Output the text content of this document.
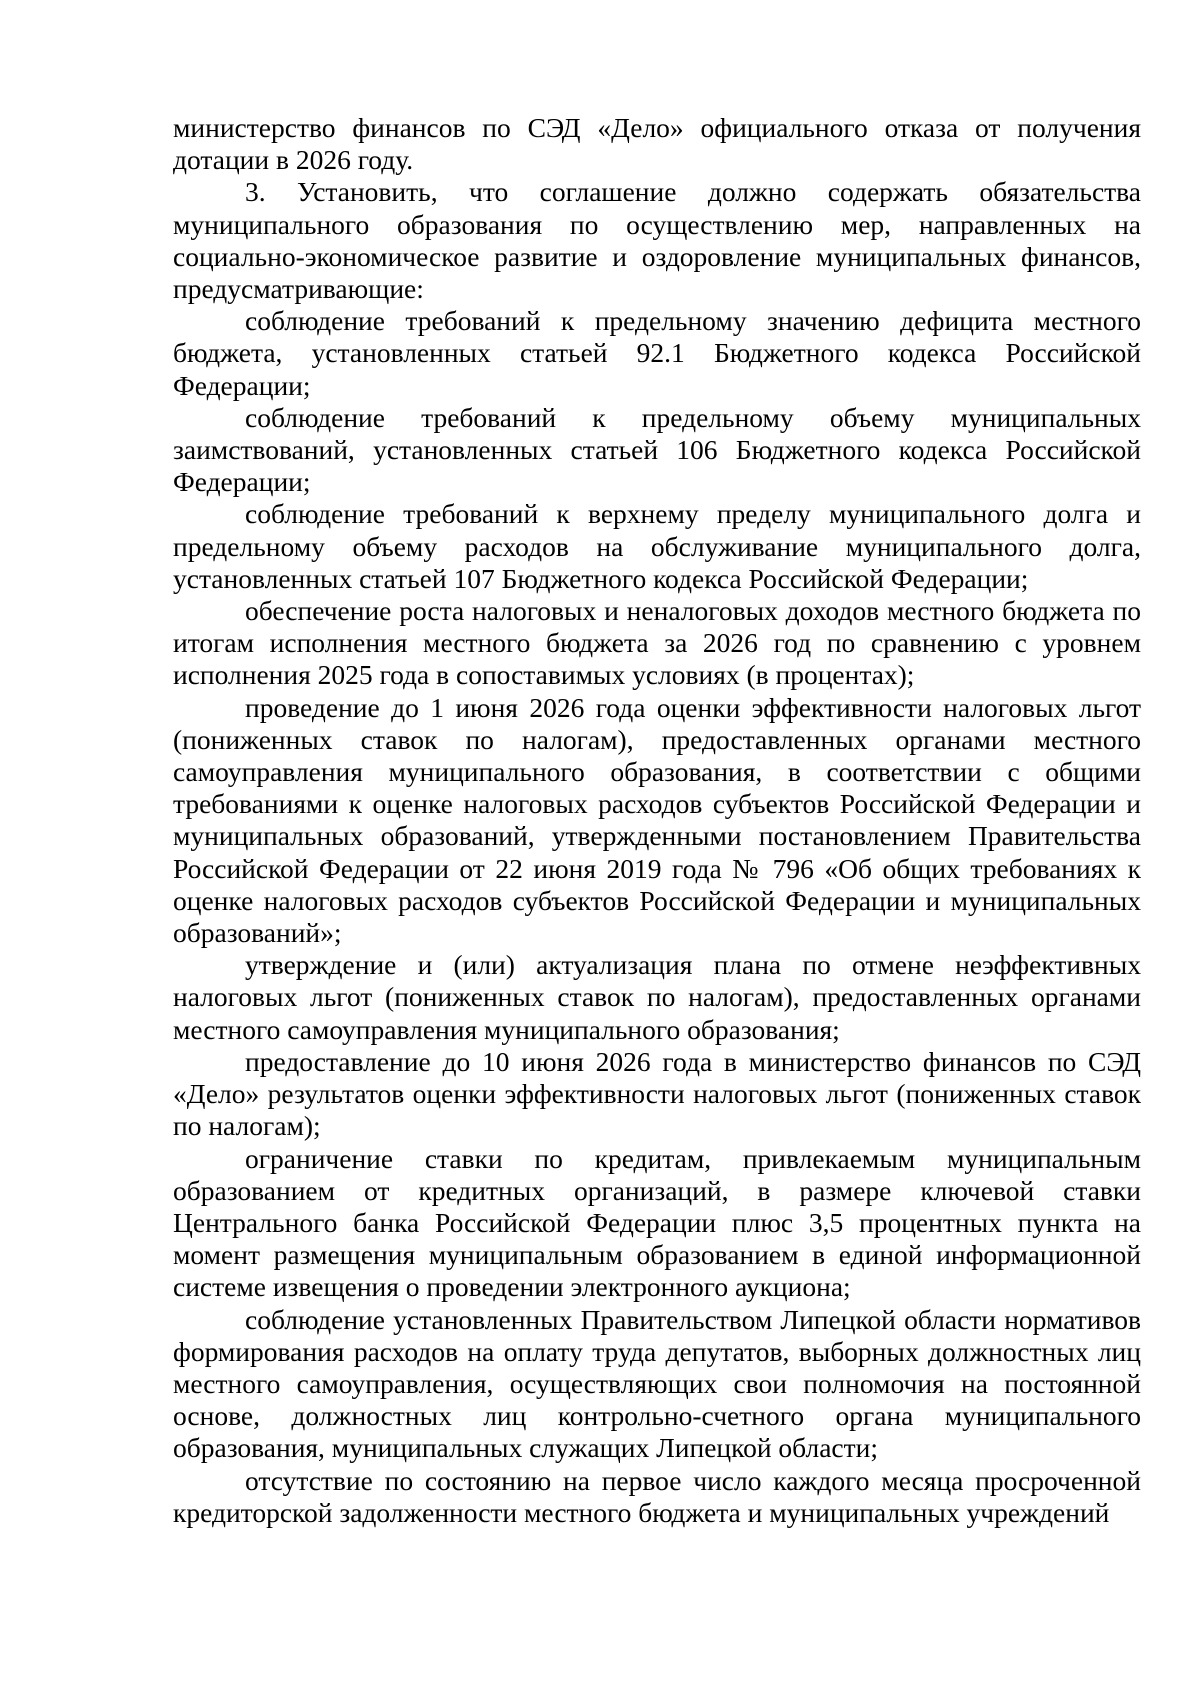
министерство финансов по СЭД «Дело» официального отказа от получения дотации в 2026 году.

3. Установить, что соглашение должно содержать обязательства муниципального образования по осуществлению мер, направленных на социально-экономическое развитие и оздоровление муниципальных финансов, предусматривающие:

соблюдение требований к предельному значению дефицита местного бюджета, установленных статьей 92.1 Бюджетного кодекса Российской Федерации;

соблюдение требований к предельному объему муниципальных заимствований, установленных статьей 106 Бюджетного кодекса Российской Федерации;

соблюдение требований к верхнему пределу муниципального долга и предельному объему расходов на обслуживание муниципального долга, установленных статьей 107 Бюджетного кодекса Российской Федерации;

обеспечение роста налоговых и неналоговых доходов местного бюджета по итогам исполнения местного бюджета за 2026 год по сравнению с уровнем исполнения 2025 года в сопоставимых условиях (в процентах);

проведение до 1 июня 2026 года оценки эффективности налоговых льгот (пониженных ставок по налогам), предоставленных органами местного самоуправления муниципального образования, в соответствии с общими требованиями к оценке налоговых расходов субъектов Российской Федерации и муниципальных образований, утвержденными постановлением Правительства Российской Федерации от 22 июня 2019 года № 796 «Об общих требованиях к оценке налоговых расходов субъектов Российской Федерации и муниципальных образований»;

утверждение и (или) актуализация плана по отмене неэффективных налоговых льгот (пониженных ставок по налогам), предоставленных органами местного самоуправления муниципального образования;

предоставление до 10 июня 2026 года в министерство финансов по СЭД «Дело» результатов оценки эффективности налоговых льгот (пониженных ставок по налогам);

ограничение ставки по кредитам, привлекаемым муниципальным образованием от кредитных организаций, в размере ключевой ставки Центрального банка Российской Федерации плюс 3,5 процентных пункта на момент размещения муниципальным образованием в единой информационной системе извещения о проведении электронного аукциона;

соблюдение установленных Правительством Липецкой области нормативов формирования расходов на оплату труда депутатов, выборных должностных лиц местного самоуправления, осуществляющих свои полномочия на постоянной основе, должностных лиц контрольно-счетного органа муниципального образования, муниципальных служащих Липецкой области;

отсутствие по состоянию на первое число каждого месяца просроченной кредиторской задолженности местного бюджета и муниципальных учреждений
